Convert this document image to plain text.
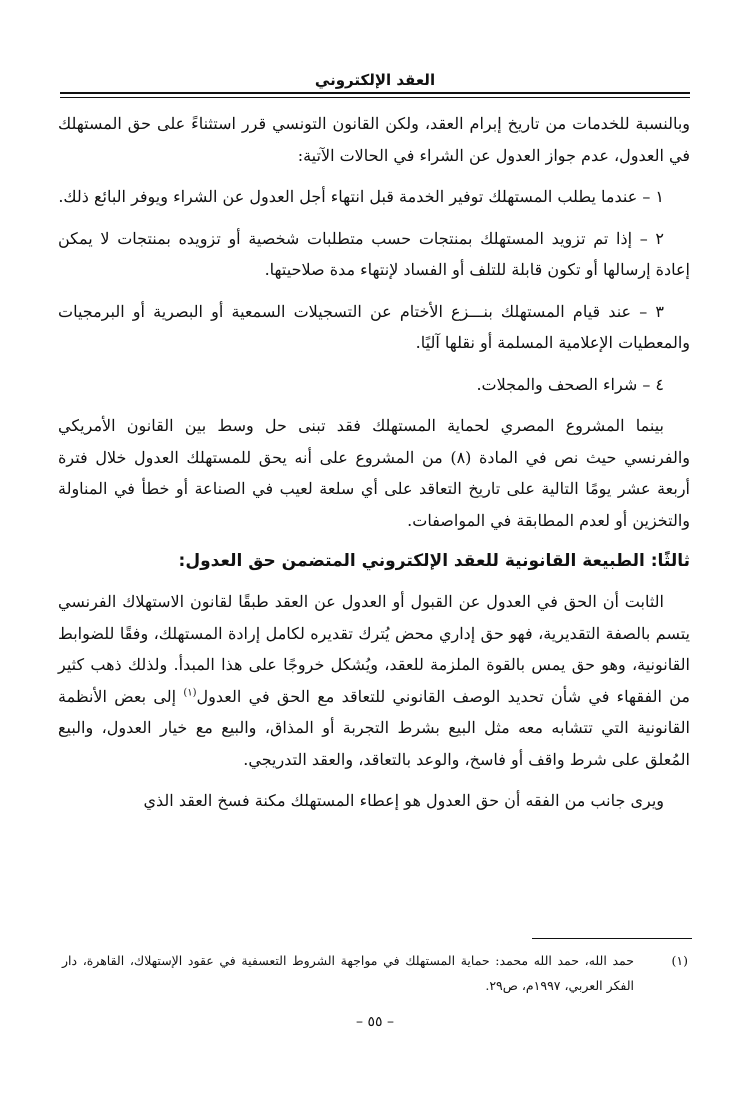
العقد الإلكتروني

وبالنسبة للخدمات من تاريخ إبرام العقد، ولكن القانون التونسي قرر استثناءً على حق المستهلك في العدول، عدم جواز العدول عن الشراء في الحالات الآتية:

١ – عندما يطلب المستهلك توفير الخدمة قبل انتهاء أجل العدول عن الشراء ويوفر البائع ذلك.

٢ – إذا تم تزويد المستهلك بمنتجات حسب متطلبات شخصية أو تزويده بمنتجات لا يمكن إعادة إرسالها أو تكون قابلة للتلف أو الفساد لإنتهاء مدة صلاحيتها.

٣ – عند قيام المستهلك بنـــزع الأختام عن التسجيلات السمعية أو البصرية أو البرمجيات والمعطيات الإعلامية المسلمة أو نقلها آليًا.

٤ – شراء الصحف والمجلات.

بينما المشروع المصري لحماية المستهلك فقد تبنى حل وسط بين القانون الأمريكي والفرنسي حيث نص في المادة (٨) من المشروع على أنه يحق للمستهلك العدول خلال فترة أربعة عشر يومًا التالية على تاريخ التعاقد على أي سلعة لعيب في الصناعة أو خطأ في المناولة والتخزين أو لعدم المطابقة في المواصفات.

ثالثًا: الطبيعة القانونية للعقد الإلكتروني المتضمن حق العدول:

الثابت أن الحق في العدول عن القبول أو العدول عن العقد طبقًا لقانون الاستهلاك الفرنسي يتسم بالصفة التقديرية، فهو حق إداري محض يُترك تقديره لكامل إرادة المستهلك، وفقًا للضوابط القانونية، وهو حق يمس بالقوة الملزمة للعقد، ويُشكل خروجًا على هذا المبدأ. ولذلك ذهب كثير من الفقهاء في شأن تحديد الوصف القانوني للتعاقد مع الحق في العدول$^{(١)}$ إلى بعض الأنظمة القانونية التي تتشابه معه مثل البيع بشرط التجربة أو المذاق، والبيع مع خيار العدول، والبيع المُعلق على شرط واقف أو فاسخ، والوعد بالتعاقد، والعقد التدريجي.

ويرى جانب من الفقه أن حق العدول هو إعطاء المستهلك مكنة فسخ العقد الذي

(١)
حمد الله، حمد الله محمد: حماية المستهلك في مواجهة الشروط التعسفية في عقود الإستهلاك، القاهرة، دار الفكر العربي، ١٩٩٧م، ص٢٩.
– ٥٥ –
